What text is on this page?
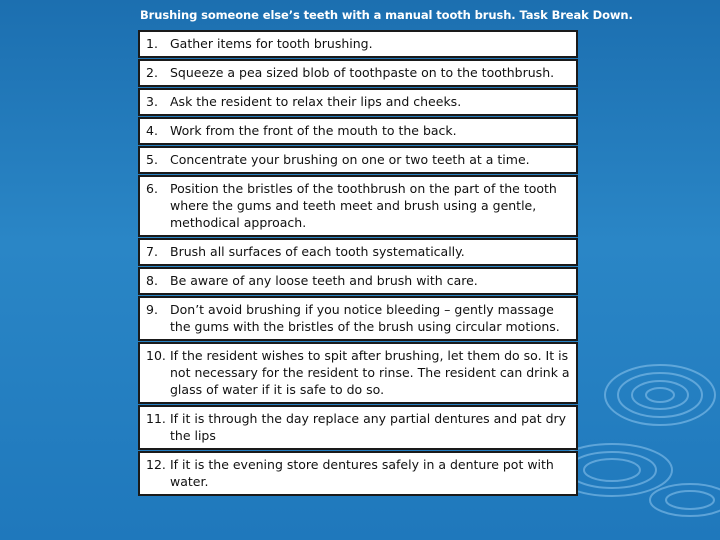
Brushing someone else’s teeth with a manual tooth brush. Task Break Down.
1. Gather items for tooth brushing.
2. Squeeze a pea sized blob of toothpaste on to the toothbrush.
3. Ask the resident to relax their lips and cheeks.
4. Work from the front of the mouth to the back.
5. Concentrate your brushing on one or two teeth at a time.
6. Position the bristles of the toothbrush on the part of the tooth where the gums and teeth meet and brush using a gentle, methodical approach.
7. Brush all surfaces of each tooth systematically.
8. Be aware of any loose teeth and brush with care.
9. Don’t avoid brushing if you notice bleeding – gently massage the gums with the bristles of the brush using circular motions.
10. If the resident wishes to spit after brushing, let them do so. It is not necessary for the resident to rinse. The resident can drink a glass of water if it is safe to do so.
11. If it is through the day replace any partial dentures and pat dry the lips
12. If it is the evening store dentures safely in a denture pot with water.
